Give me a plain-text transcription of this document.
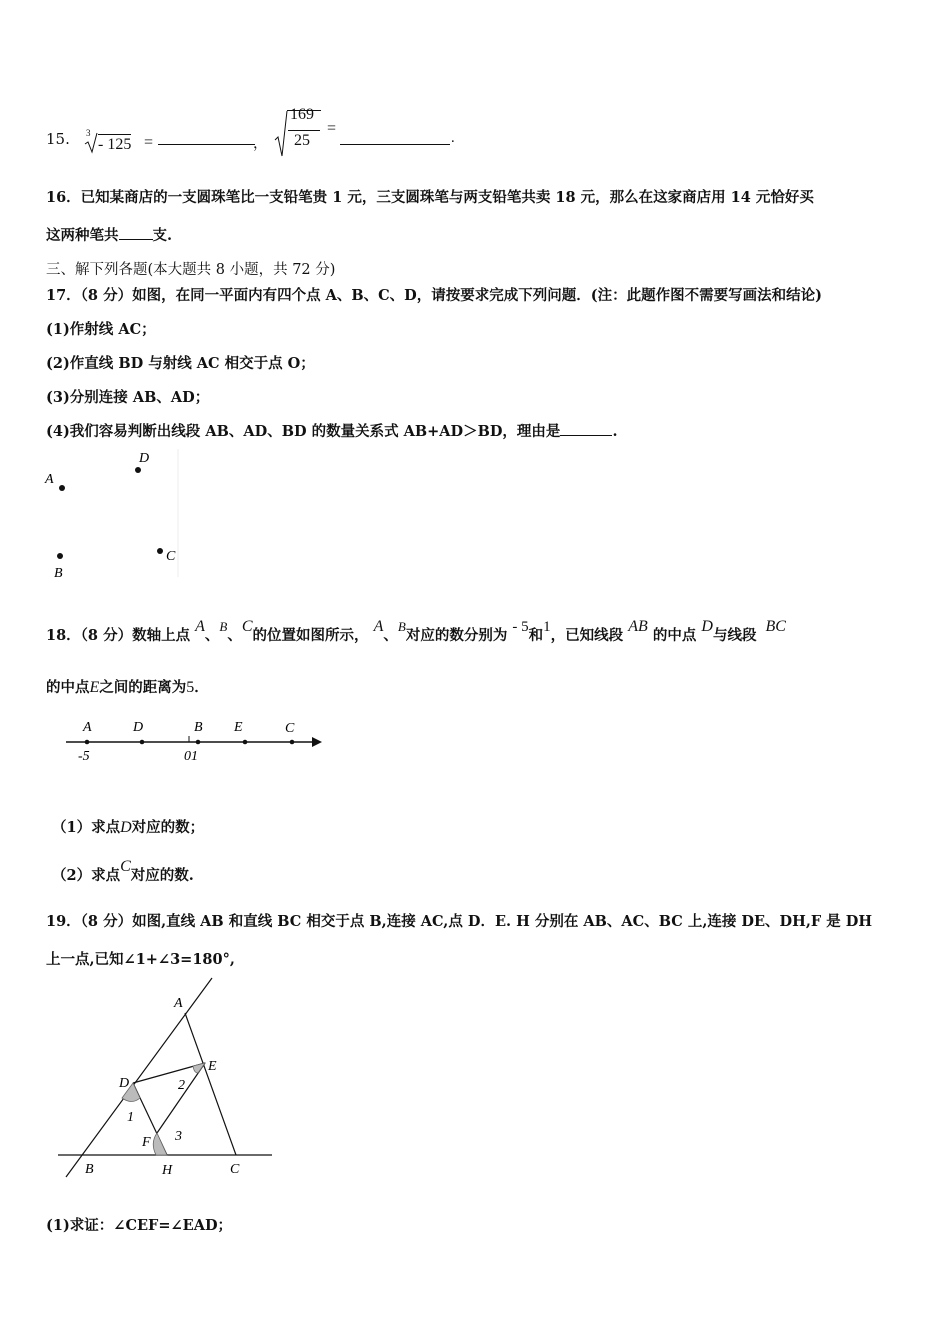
15. 3
- 125 =	，
169
25
=
.
16．已知某商店的一支圆珠笔比一支铅笔贵 1 元，三支圆珠笔与两支铅笔共卖 18 元，那么在这家商店用 14 元恰好买
这两种笔共 支.
三、解下列各题(本大题共 8 小题，共 72 分)
17．（8 分）如图，在同一平面内有四个点 A、B、C、D，请按要求完成下列问题．(注：此题作图不需要写画法和结论)
(1)作射线 AC；
(2)作直线 BD 与射线 AC 相交于点 O；
(3)分别连接 AB、AD；
(4)我们容易判断出线段 AB、AD、BD 的数量关系式 AB+AD＞BD，理由是	.
A
D
B
C
18．（8 分）数轴上点 A、B、C的位置如图所示， A、B对应的数分别为 - 5和1，已知线段 AB 的中点 D与线段 BC
的中点E之间的距离为5．
A
-5
D	B
01
E	C
（1）求点D对应的数；
（2）求点C对应的数.
19．（8 分）如图,直线 AB 和直线 BC 相交于点 B,连接 AC,点 D．E. H 分别在 AB、AC、BC 上,连接 DE、DH,F 是 DH
上一点,已知∠1+∠3=180°,
A
D
E
F
B	H	C
1
2
3
(1)求证：∠CEF=∠EAD；
